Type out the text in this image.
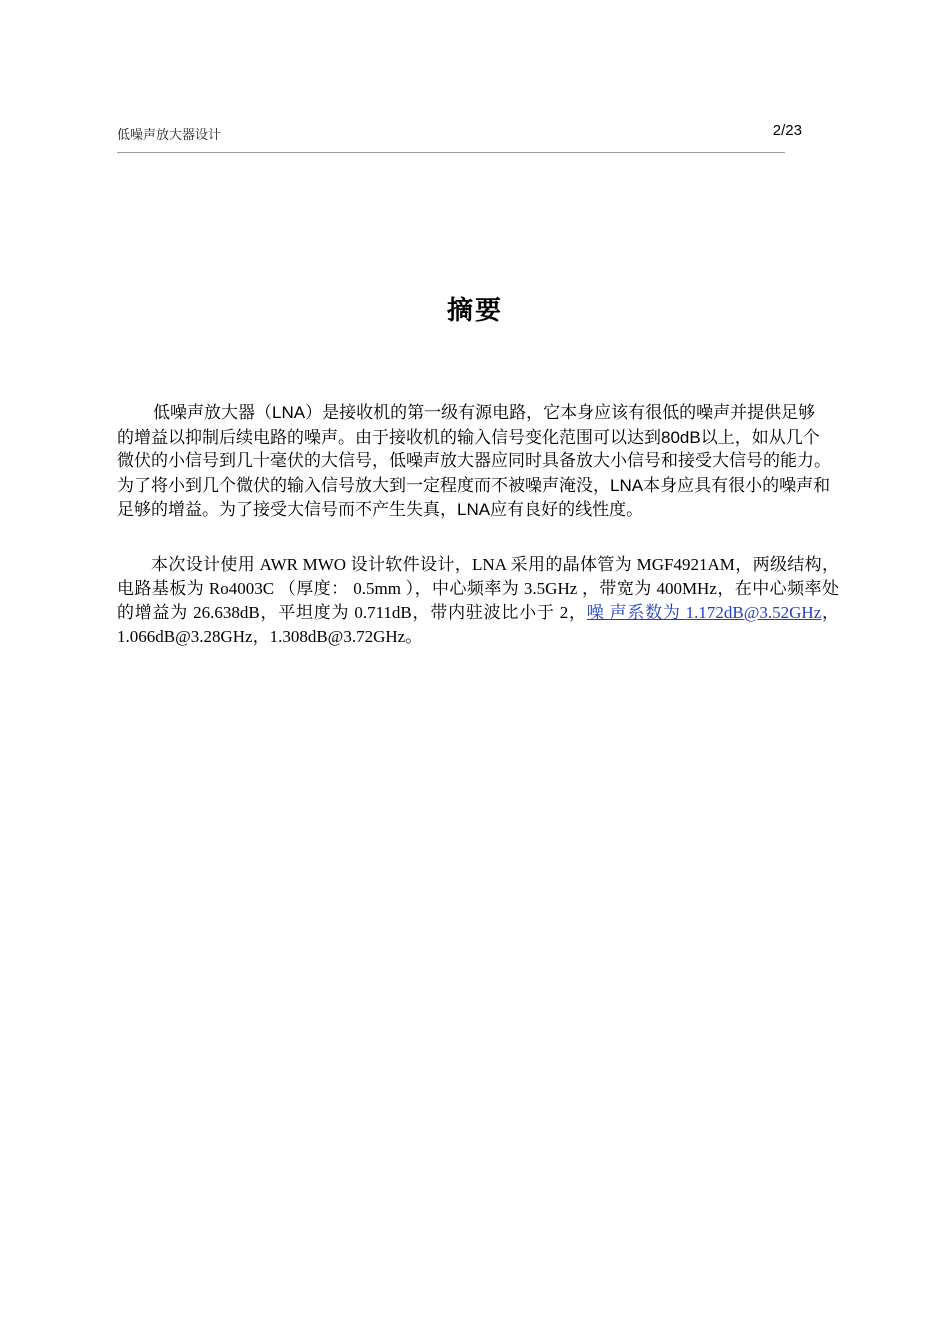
低噪声放大器设计	2/23
摘要

低噪声放大器（LNA）是接收机的第一级有源电路，它本身应该有很低的噪声并提供足够的增益以抑制后续电路的噪声。由于接收机的输入信号变化范围可以达到80dB以上，如从几个微伏的小信号到几十毫伏的大信号，低噪声放大器应同时具备放大小信号和接受大信号的能力。为了将小到几个微伏的输入信号放大到一定程度而不被噪声淹没，LNA本身应具有很小的噪声和足够的增益。为了接受大信号而不产生失真，LNA应有良好的线性度。

本次设计使用 AWR MWO 设计软件设计，LNA 采用的晶体管为 MGF4921AM，两级结构，电路基板为 Ro4003C （厚度： 0.5mm ），中心频率为 3.5GHz ，带宽为 400MHz，在中心频率处的增益为 26.638dB，平坦度为 0.711dB，带内驻波比小于 2，噪 声系数为 1.172dB@3.52GHz，1.066dB@3.28GHz，1.308dB@3.72GHz。
